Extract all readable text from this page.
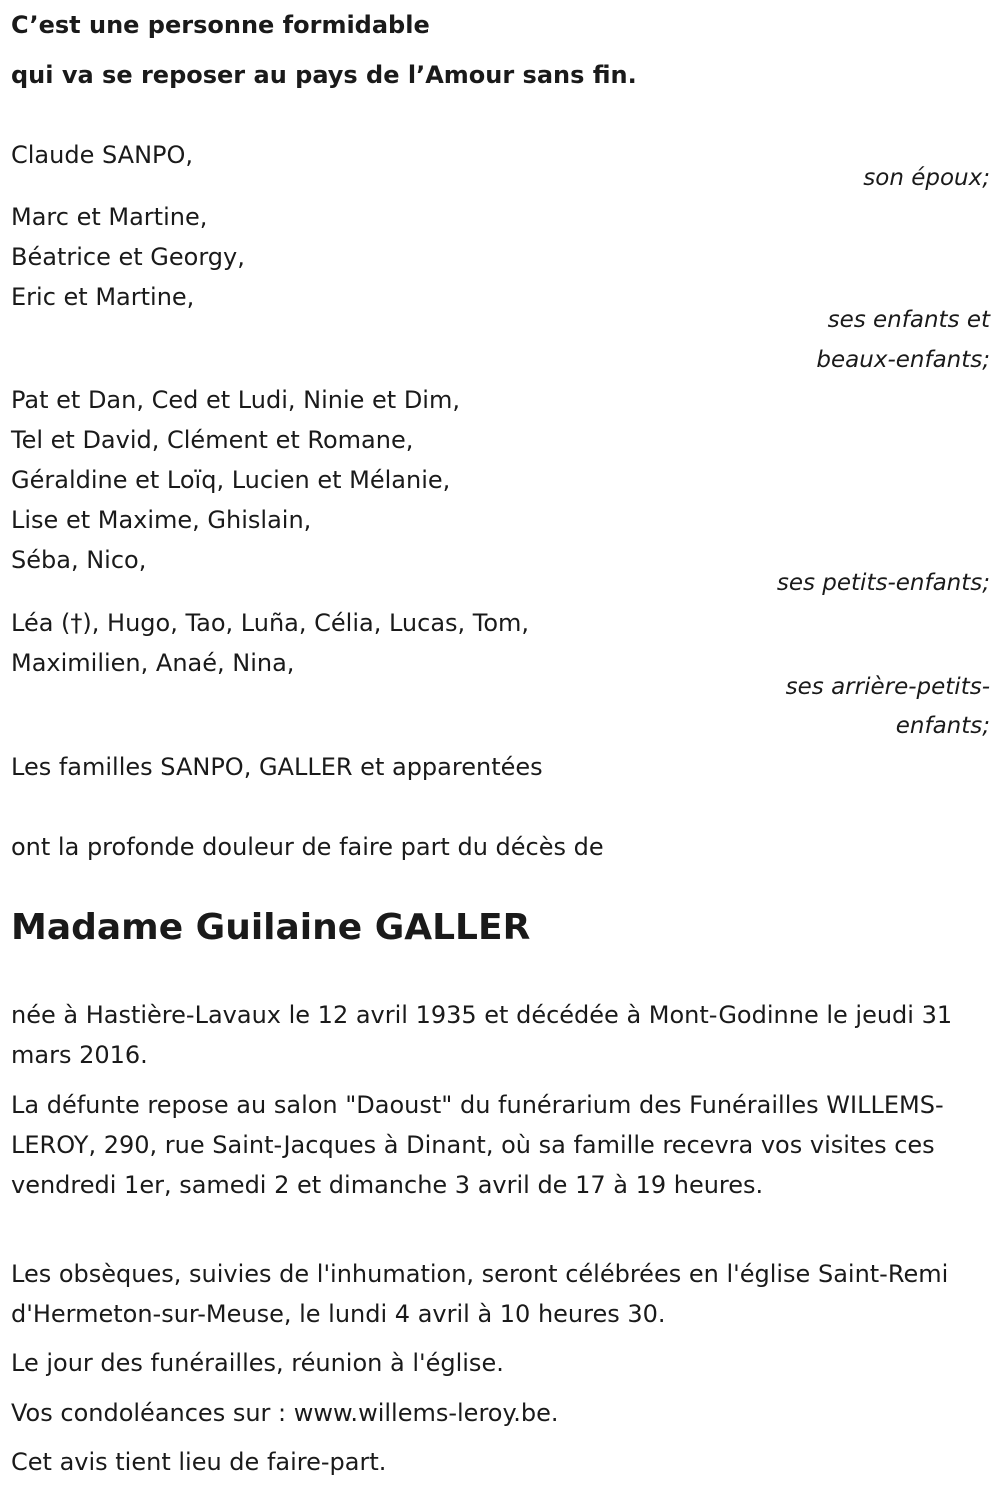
C’est une personne formidable
qui va se reposer au pays de l’Amour sans fin.
Claude SANPO,
son époux;
Marc et Martine,
Béatrice et Georgy,
Eric et Martine,
ses enfants et
beaux-enfants;
Pat et Dan, Ced et Ludi, Ninie et Dim,
Tel et David, Clément et Romane,
Géraldine et Loïq, Lucien et Mélanie,
Lise et Maxime, Ghislain,
Séba, Nico,
ses petits-enfants;
Léa (†), Hugo, Tao, Luña, Célia, Lucas, Tom,
Maximilien, Anaé, Nina,
ses arrière-petits-
enfants;
Les familles SANPO, GALLER et apparentées
ont la profonde douleur de faire part du décès de
Madame Guilaine GALLER
née à Hastière-Lavaux le 12 avril 1935 et décédée à Mont-Godinne le jeudi 31 mars 2016.
La défunte repose au salon "Daoust" du funérarium des Funérailles WILLEMS-LEROY, 290, rue Saint-Jacques à Dinant, où sa famille recevra vos visites ces vendredi 1er, samedi 2 et dimanche 3 avril de 17 à 19 heures.
Les obsèques, suivies de l'inhumation, seront célébrées en l'église Saint-Remi d'Hermeton-sur-Meuse, le lundi 4 avril à 10 heures 30.
Le jour des funérailles, réunion à l'église.
Vos condoléances sur : www.willems-leroy.be.
Cet avis tient lieu de faire-part.
